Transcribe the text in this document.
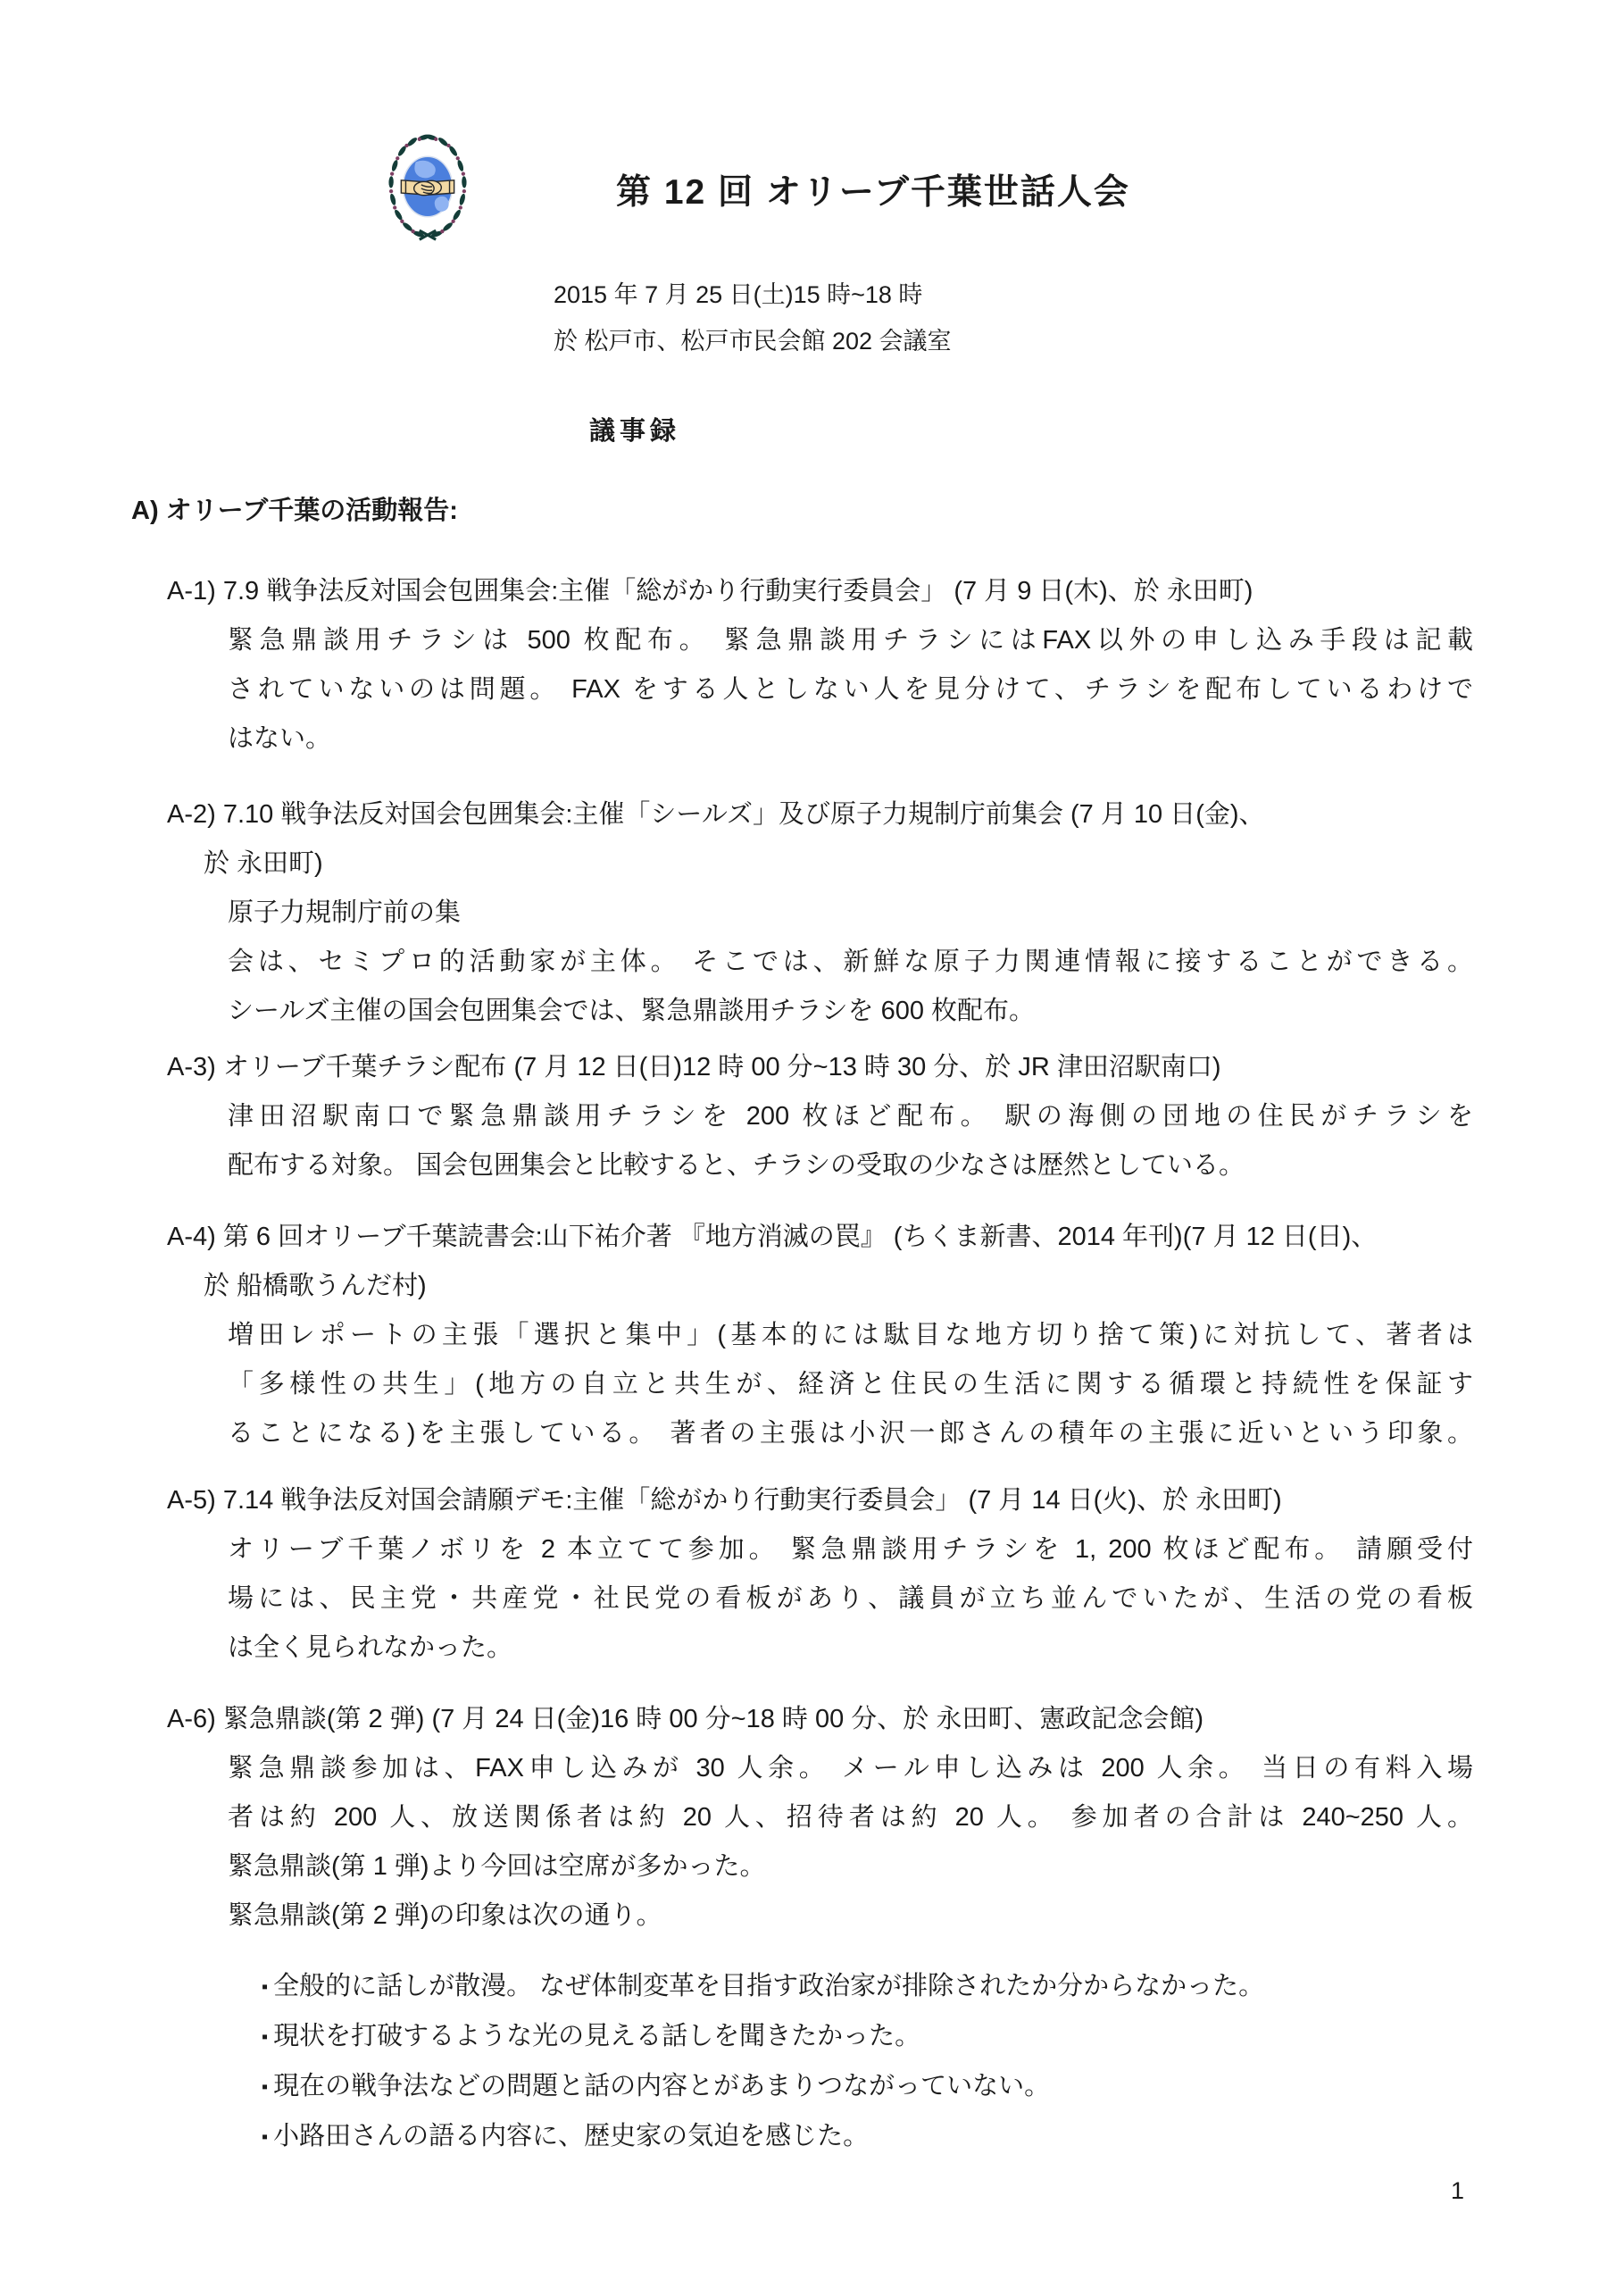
第 12 回 オリーブ千葉世話人会
2015 年 7 月 25 日(土)15 時~18 時
於 松戸市、松戸市民会館 202 会議室
議事録
A) オリーブ千葉の活動報告:
A-1) 7.9 戦争法反対国会包囲集会:主催「総がかり行動実行委員会」 (7 月 9 日(木)、於 永田町)
緊急鼎談用チラシは 500 枚配布。 緊急鼎談用チラシにはFAX以外の申し込み手段は記載
されていないのは問題。 FAX をする人としない人を見分けて、チラシを配布しているわけで
はない。
A-2) 7.10 戦争法反対国会包囲集会:主催「シールズ」及び原子力規制庁前集会 (7 月 10 日(金)、
於 永田町)
原子力規制庁前の集
会は、セミプロ的活動家が主体。 そこでは、新鮮な原子力関連情報に接することができる。
シールズ主催の国会包囲集会では、緊急鼎談用チラシを 600 枚配布。
A-3) オリーブ千葉チラシ配布 (7 月 12 日(日)12 時 00 分~13 時 30 分、於 JR 津田沼駅南口)
津田沼駅南口で緊急鼎談用チラシを 200 枚ほど配布。 駅の海側の団地の住民がチラシを
配布する対象。 国会包囲集会と比較すると、チラシの受取の少なさは歴然としている。
A-4) 第 6 回オリーブ千葉読書会:山下祐介著 『地方消滅の罠』 (ちくま新書、2014 年刊)(7 月 12 日(日)、
於 船橋歌うんだ村)
増田レポートの主張「選択と集中」(基本的には駄目な地方切り捨て策)に対抗して、著者は
「多様性の共生」(地方の自立と共生が、経済と住民の生活に関する循環と持続性を保証す
ることになる)を主張している。 著者の主張は小沢一郎さんの積年の主張に近いという印象。
A-5) 7.14 戦争法反対国会請願デモ:主催「総がかり行動実行委員会」 (7 月 14 日(火)、於 永田町)
オリーブ千葉ノボリを 2 本立てて参加。 緊急鼎談用チラシを 1, 200 枚ほど配布。 請願受付
場には、民主党・共産党・社民党の看板があり、議員が立ち並んでいたが、生活の党の看板
は全く見られなかった。
A-6) 緊急鼎談(第 2 弾) (7 月 24 日(金)16 時 00 分~18 時 00 分、於 永田町、憲政記念会館)
緊急鼎談参加は、FAX申し込みが 30 人余。 メール申し込みは 200 人余。 当日の有料入場
者は約 200 人、放送関係者は約 20 人、招待者は約 20 人。 参加者の合計は 240~250 人。
緊急鼎談(第 1 弾)より今回は空席が多かった。
緊急鼎談(第 2 弾)の印象は次の通り。
▪ 全般的に話しが散漫。 なぜ体制変革を目指す政治家が排除されたか分からなかった。
▪ 現状を打破するような光の見える話しを聞きたかった。
▪ 現在の戦争法などの問題と話の内容とがあまりつながっていない。
▪ 小路田さんの語る内容に、歴史家の気迫を感じた。
1
